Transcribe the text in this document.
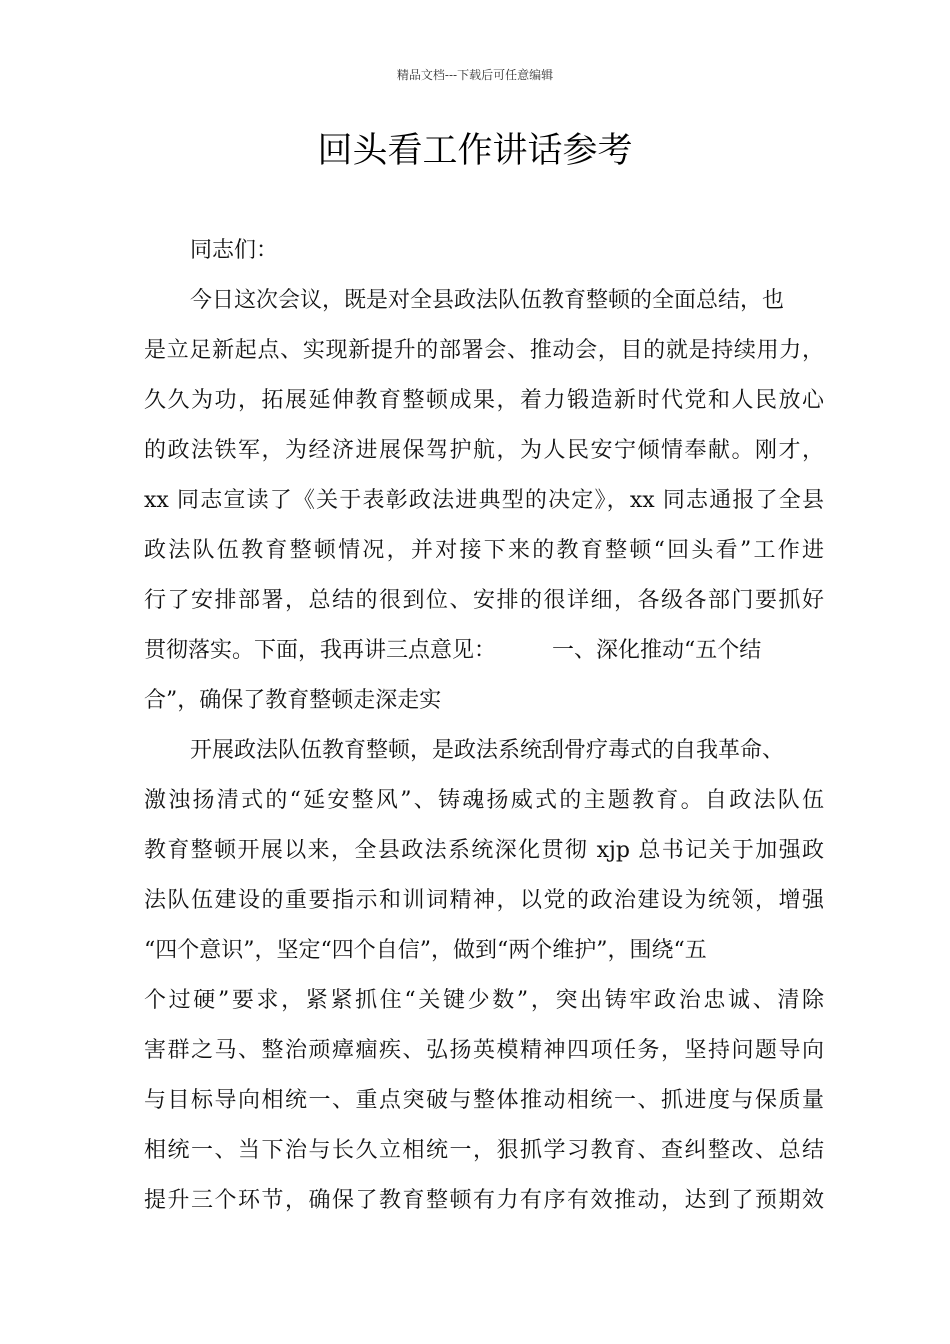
精品文档---下载后可任意编辑
回头看工作讲话参考
同志们：
今日这次会议，既是对全县政法队伍教育整顿的全面总结，也
是立足新起点、实现新提升的部署会、推动会，目的就是持续用力，
久久为功，拓展延伸教育整顿成果，着力锻造新时代党和人民放心
的政法铁军，为经济进展保驾护航，为人民安宁倾情奉献。刚才，
xx 同志宣读了《关于表彰政法进典型的决定》，xx 同志通报了全县
政法队伍教育整顿情况，并对接下来的教育整顿“回头看”工作进
行了安排部署，总结的很到位、安排的很详细，各级各部门要抓好
贯彻落实。下面，我再讲三点意见：        一、深化推动“五个结
合”，确保了教育整顿走深走实
开展政法队伍教育整顿，是政法系统刮骨疗毒式的自我革命、
激浊扬清式的“延安整风”、铸魂扬威式的主题教育。自政法队伍
教育整顿开展以来，全县政法系统深化贯彻 xjp 总书记关于加强政
法队伍建设的重要指示和训词精神，以党的政治建设为统领，增强
“四个意识”，坚定“四个自信”，做到“两个维护”，围绕“五
个过硬”要求，紧紧抓住“关键少数”，突出铸牢政治忠诚、清除
害群之马、整治顽瘴痼疾、弘扬英模精神四项任务，坚持问题导向
与目标导向相统一、重点突破与整体推动相统一、抓进度与保质量
相统一、当下治与长久立相统一，狠抓学习教育、查纠整改、总结
提升三个环节，确保了教育整顿有力有序有效推动，达到了预期效
